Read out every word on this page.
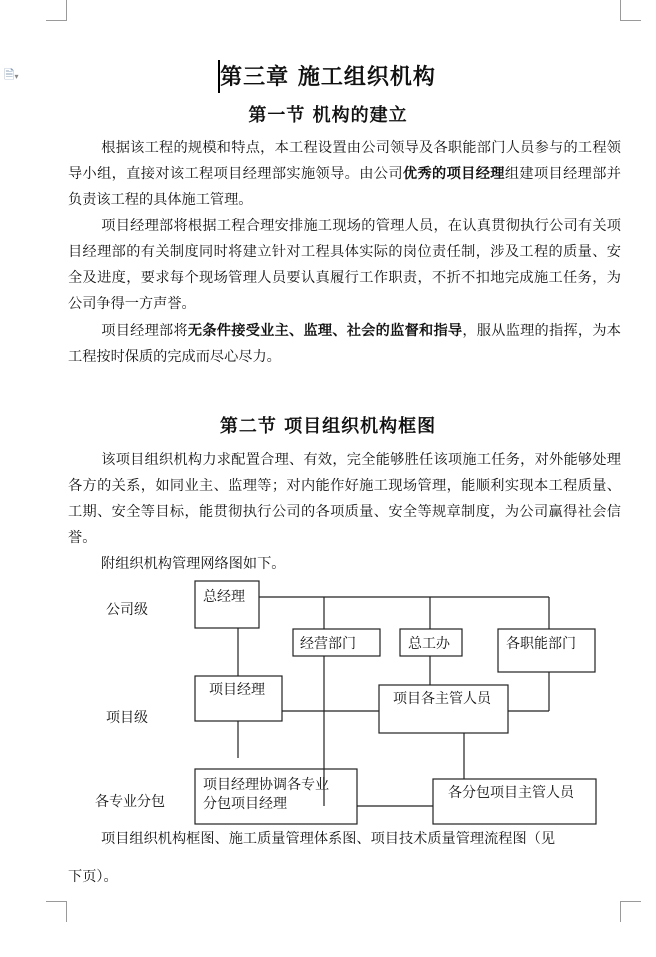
🗎▾	第三章 施工组织机构
第一节 机构的建立
根据该工程的规模和特点，本工程设置由公司领导及各职能部门人员参与的工程领导小组，直接对该工程项目经理部实施领导。由公司优秀的项目经理组建项目经理部并负责该工程的具体施工管理。
项目经理部将根据工程合理安排施工现场的管理人员，在认真贯彻执行公司有关项目经理部的有关制度同时将建立针对工程具体实际的岗位责任制，涉及工程的质量、安全及进度，要求每个现场管理人员要认真履行工作职责，不折不扣地完成施工任务，为公司争得一方声誉。
项目经理部将无条件接受业主、监理、社会的监督和指导，服从监理的指挥，为本工程按时保质的完成而尽心尽力。
第二节 项目组织机构框图
该项目组织机构力求配置合理、有效，完全能够胜任该项施工任务，对外能够处理各方的关系，如同业主、监理等；对内能作好施工现场管理，能顺利实现本工程质量、工期、安全等目标，能贯彻执行公司的各项质量、安全等规章制度，为公司赢得社会信誉。
附组织机构管理网络图如下。
公司级
项目级
各专业分包
总经理
经营部门	总工办	各职能部门
项目经理
项目各主管人员
项目经理协调各专业
分包项目经理
各分包项目主管人员
项目组织机构框图、施工质量管理体系图、项目技术质量管理流程图（见
下页）。
